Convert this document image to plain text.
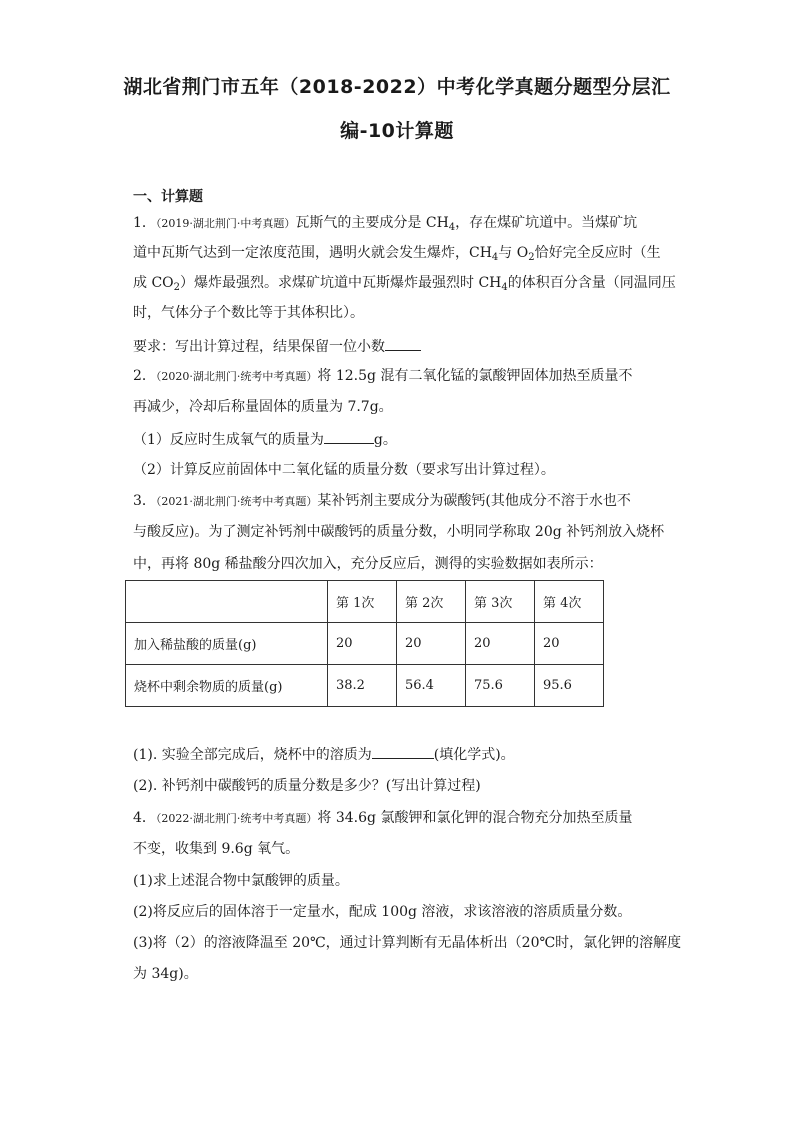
湖北省荆门市五年（2018-2022）中考化学真题分题型分层汇
编-10计算题
一、计算题
1．（2019·湖北荆门·中考真题）瓦斯气的主要成分是 $CH_4$，存在煤矿坑道中。当煤矿坑
道中瓦斯气达到一定浓度范围，遇明火就会发生爆炸，$CH_4$与 $O_2$恰好完全反应时（生
成 $CO_2$）爆炸最强烈。求煤矿坑道中瓦斯爆炸最强烈时 $CH_4$的体积百分含量（同温同压
时，气体分子个数比等于其体积比）。
要求：写出计算过程，结果保留一位小数
2．（2020·湖北荆门·统考中考真题）将 12.5g 混有二氧化锰的氯酸钾固体加热至质量不
再减少，冷却后称量固体的质量为 7.7g。
（1）反应时生成氧气的质量为	g。
（2）计算反应前固体中二氧化锰的质量分数（要求写出计算过程）。
3．（2021·湖北荆门·统考中考真题）某补钙剂主要成分为碳酸钙(其他成分不溶于水也不
与酸反应)。为了测定补钙剂中碳酸钙的质量分数，小明同学称取 20g 补钙剂放入烧杯
中，再将 80g 稀盐酸分四次加入，充分反应后，测得的实验数据如表所示：
	第 1次	第 2次	第 3次	第 4次
加入稀盐酸的质量(g)	20	20	20	20
烧杯中剩余物质的质量(g)	38.2	56.4	75.6	95.6
(1). 实验全部完成后，烧杯中的溶质为	(填化学式)。
(2). 补钙剂中碳酸钙的质量分数是多少？(写出计算过程)
4．（2022·湖北荆门·统考中考真题）将 34.6g 氯酸钾和氯化钾的混合物充分加热至质量
不变，收集到 9.6g 氧气。
(1)求上述混合物中氯酸钾的质量。
(2)将反应后的固体溶于一定量水，配成 100g 溶液，求该溶液的溶质质量分数。
(3)将（2）的溶液降温至 20℃，通过计算判断有无晶体析出（20℃时，氯化钾的溶解度
为 34g)。
